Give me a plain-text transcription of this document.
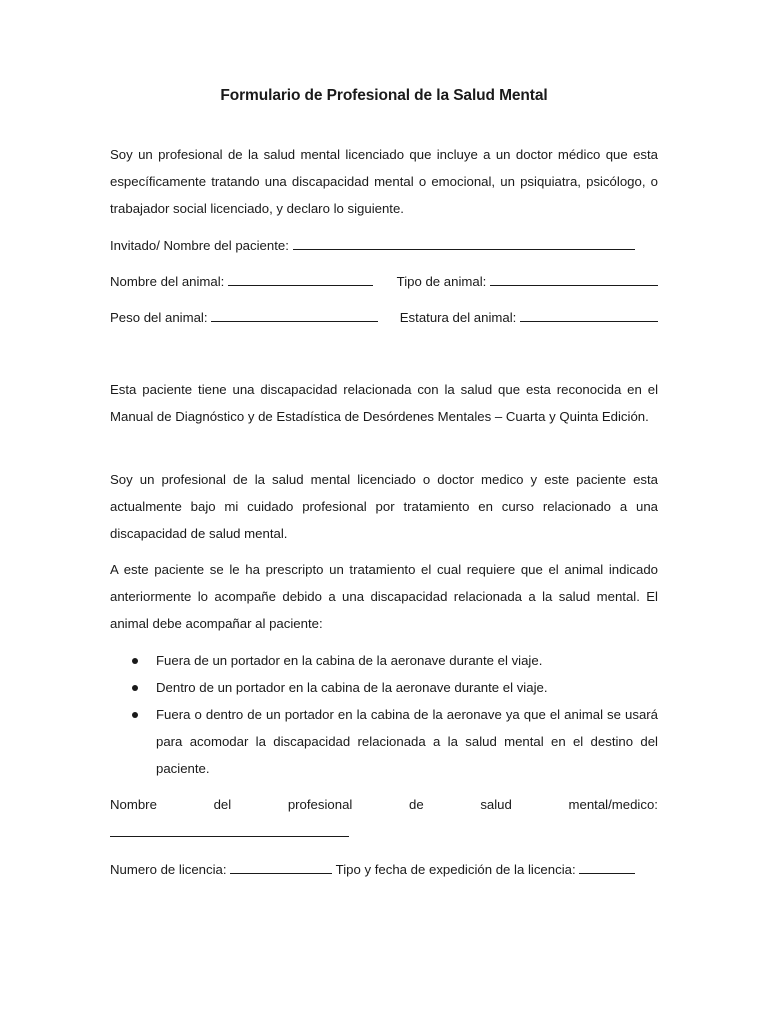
Formulario de Profesional de la Salud Mental

Soy un profesional de la salud mental licenciado que incluye a un doctor médico que esta específicamente tratando una discapacidad mental o emocional, un psiquiatra, psicólogo, o trabajador social licenciado, y declaro lo siguiente.

Invitado/ Nombre del paciente:
Nombre del animal:	Tipo de animal:
Peso del animal:	Estatura del animal:

Esta paciente tiene una discapacidad relacionada con la salud que esta reconocida en el Manual de Diagnóstico y de Estadística de Desórdenes Mentales – Cuarta y Quinta Edición.

Soy un profesional de la salud mental licenciado o doctor medico y este paciente esta actualmente bajo mi cuidado profesional por tratamiento en curso relacionado a una discapacidad de salud mental.

A este paciente se le ha prescripto un tratamiento el cual requiere que el animal indicado anteriormente lo acompañe debido a una discapacidad relacionada a la salud mental. El animal debe acompañar al paciente:

Fuera de un portador en la cabina de la aeronave durante el viaje.
Dentro de un portador en la cabina de la aeronave durante el viaje.
Fuera o dentro de un portador en la cabina de la aeronave ya que el animal se usará para acomodar la discapacidad relacionada a la salud mental en el destino del paciente.
Nombre	del	profesional	de	salud	mental/medico:
Numero de licencia:	Tipo y fecha de expedición de la licencia:
